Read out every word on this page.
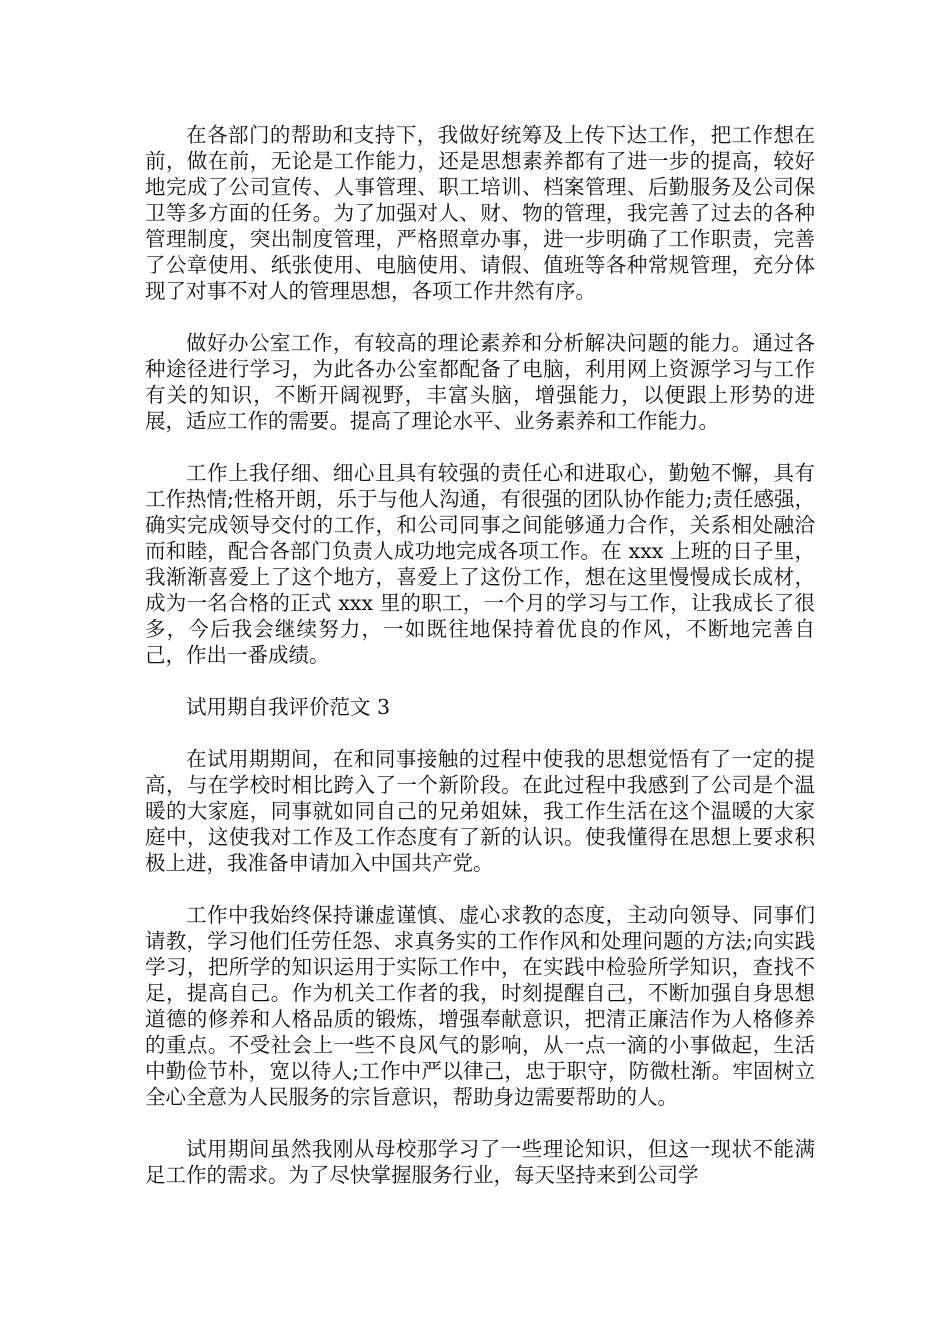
在各部门的帮助和支持下，我做好统筹及上传下达工作，把工作想在前，做在前，无论是工作能力，还是思想素养都有了进一步的提高，较好地完成了公司宣传、人事管理、职工培训、档案管理、后勤服务及公司保卫等多方面的任务。为了加强对人、财、物的管理，我完善了过去的各种管理制度，突出制度管理，严格照章办事，进一步明确了工作职责，完善了公章使用、纸张使用、电脑使用、请假、值班等各种常规管理，充分体现了对事不对人的管理思想，各项工作井然有序。

做好办公室工作，有较高的理论素养和分析解决问题的能力。通过各种途径进行学习，为此各办公室都配备了电脑，利用网上资源学习与工作有关的知识，不断开阔视野，丰富头脑，增强能力，以便跟上形势的进展，适应工作的需要。提高了理论水平、业务素养和工作能力。

工作上我仔细、细心且具有较强的责任心和进取心，勤勉不懈，具有工作热情;性格开朗，乐于与他人沟通，有很强的团队协作能力;责任感强，确实完成领导交付的工作，和公司同事之间能够通力合作，关系相处融洽而和睦，配合各部门负责人成功地完成各项工作。在 xxx 上班的日子里，我渐渐喜爱上了这个地方，喜爱上了这份工作，想在这里慢慢成长成材，成为一名合格的正式 xxx 里的职工，一个月的学习与工作，让我成长了很多，今后我会继续努力，一如既往地保持着优良的作风，不断地完善自己，作出一番成绩。

试用期自我评价范文 3

在试用期期间，在和同事接触的过程中使我的思想觉悟有了一定的提高，与在学校时相比跨入了一个新阶段。在此过程中我感到了公司是个温暖的大家庭，同事就如同自己的兄弟姐妹，我工作生活在这个温暖的大家庭中，这使我对工作及工作态度有了新的认识。使我懂得在思想上要求积极上进，我准备申请加入中国共产党。

工作中我始终保持谦虚谨慎、虚心求教的态度，主动向领导、同事们请教，学习他们任劳任怨、求真务实的工作作风和处理问题的方法;向实践学习，把所学的知识运用于实际工作中，在实践中检验所学知识，查找不足，提高自己。作为机关工作者的我，时刻提醒自己，不断加强自身思想道德的修养和人格品质的锻炼，增强奉献意识，把清正廉洁作为人格修养的重点。不受社会上一些不良风气的影响，从一点一滴的小事做起，生活中勤俭节朴，宽以待人;工作中严以律己，忠于职守，防微杜渐。牢固树立全心全意为人民服务的宗旨意识，帮助身边需要帮助的人。

试用期间虽然我刚从母校那学习了一些理论知识，但这一现状不能满足工作的需求。为了尽快掌握服务行业，每天坚持来到公司学
